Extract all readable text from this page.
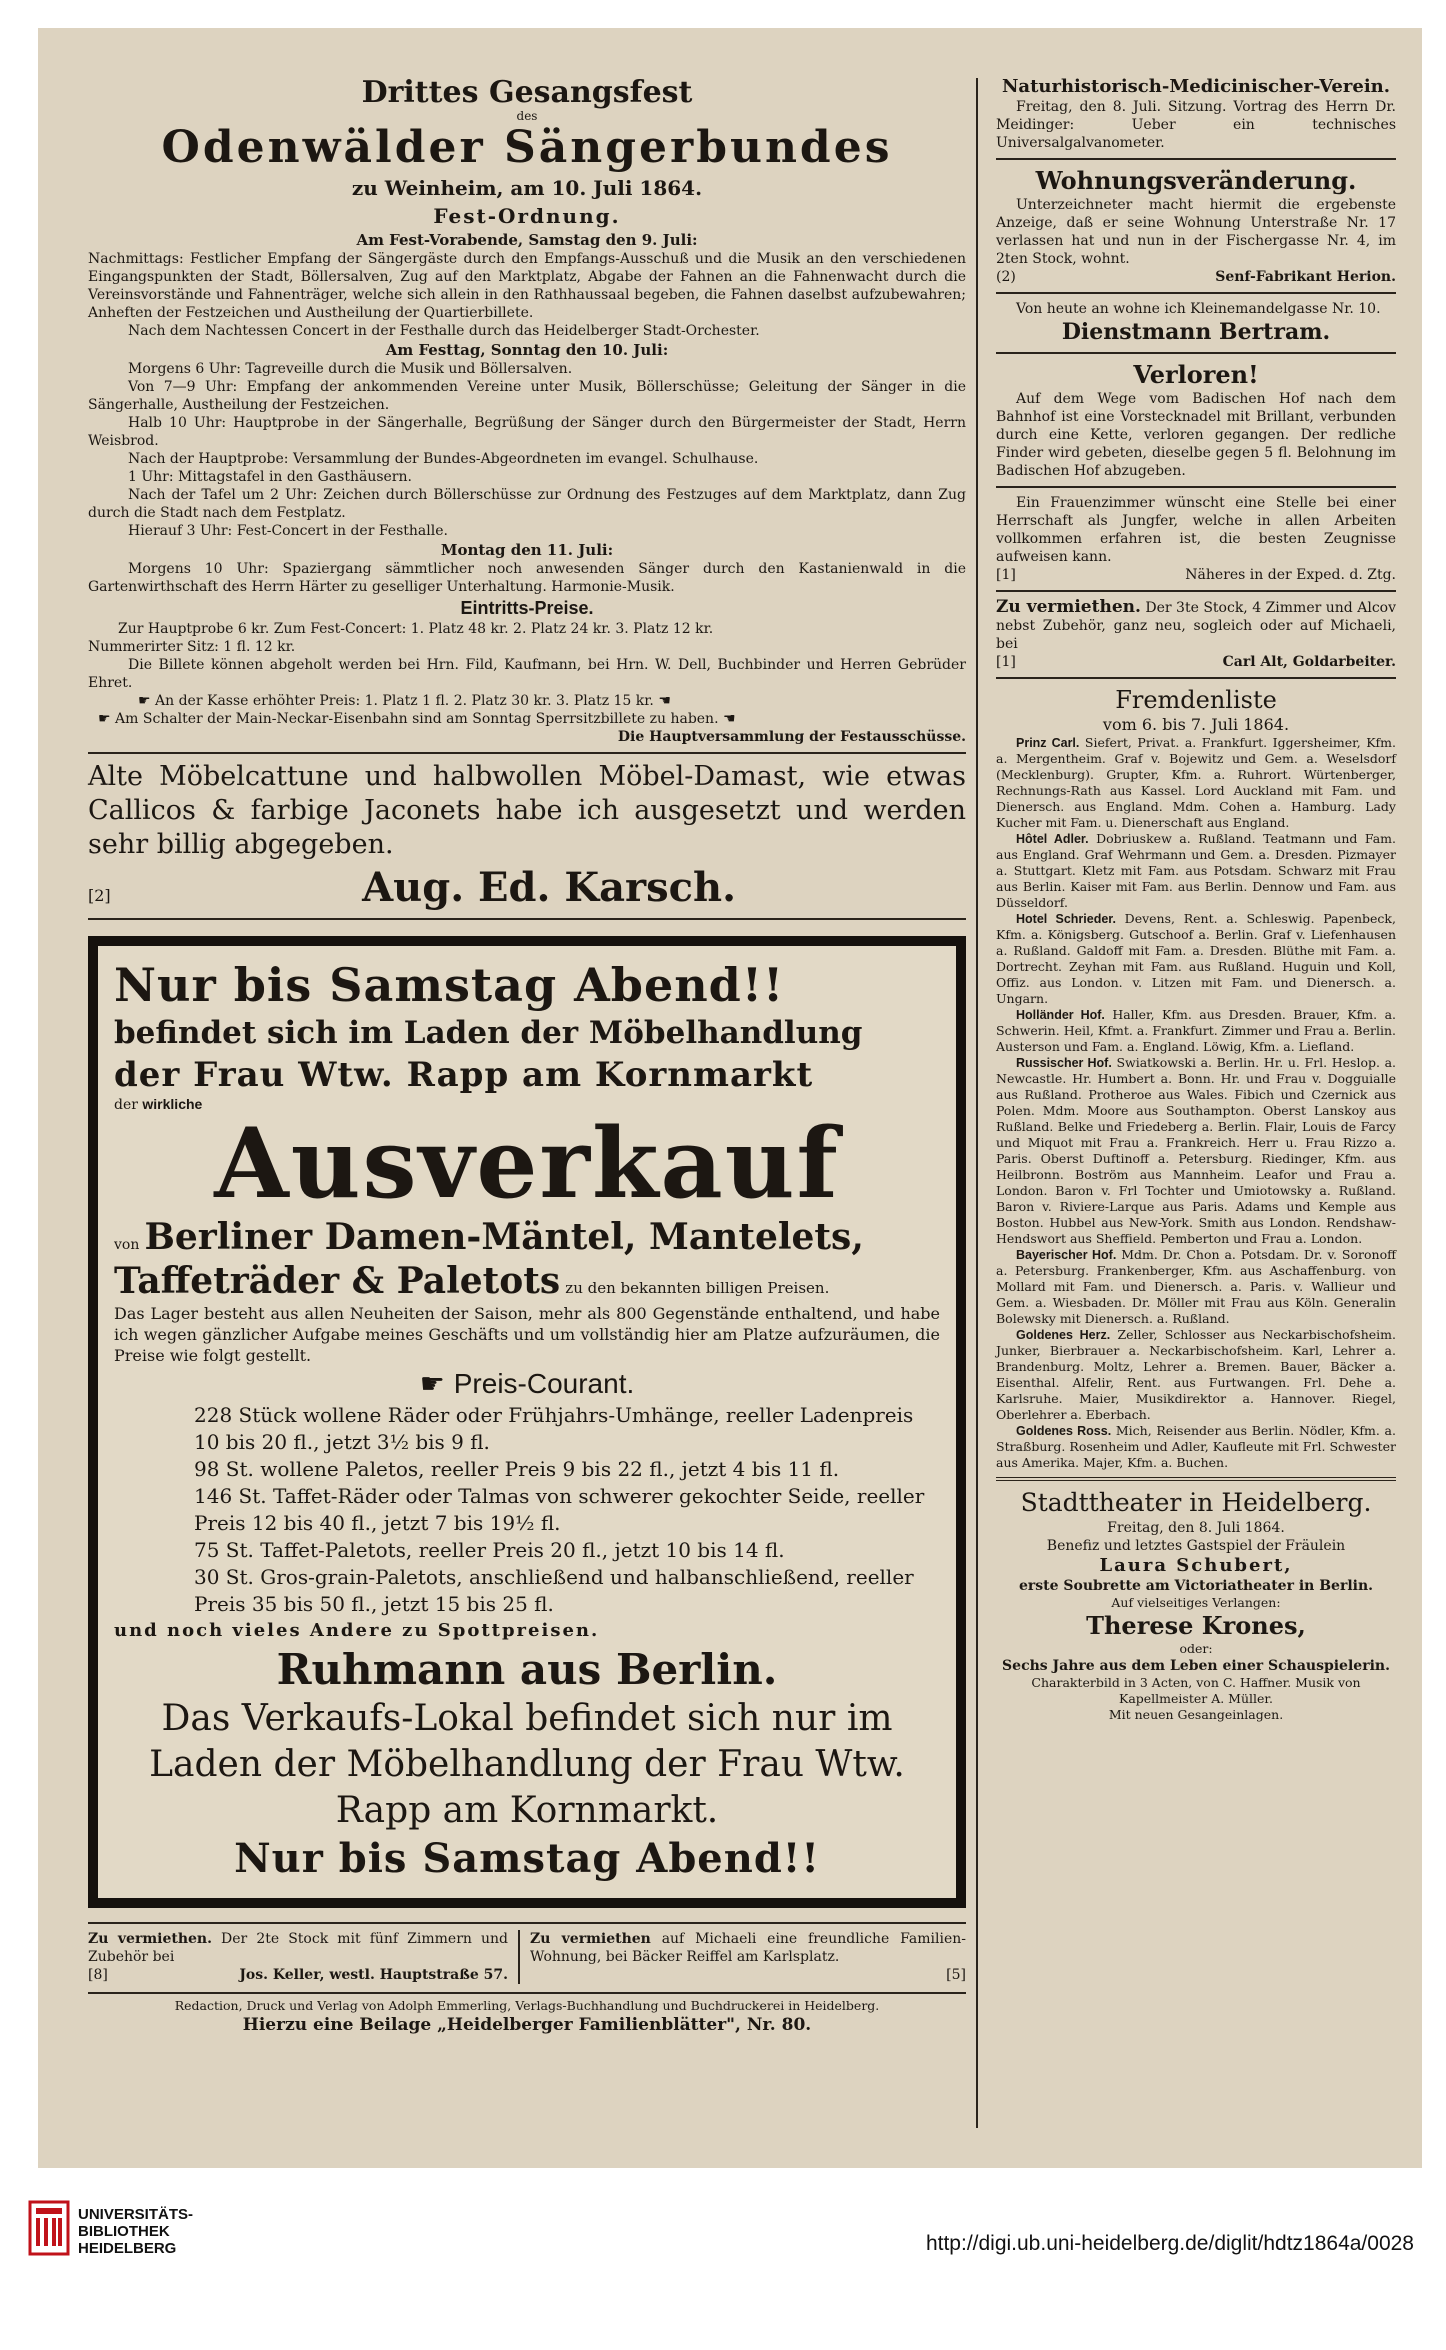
Drittes Gesangsfest
des
Odenwälder Sängerbundes
zu Weinheim, am 10. Juli 1864.
Fest-Ordnung.
Am Fest-Vorabende, Samstag den 9. Juli:

Nachmittags: Festlicher Empfang der Sängergäste durch den Empfangs-Ausschuß und die Musik an den verschiedenen Eingangspunkten der Stadt, Böllersalven, Zug auf den Marktplatz, Abgabe der Fahnen an die Fahnenwacht durch die Vereinsvorstände und Fahnenträger, welche sich allein in den Rathhaussaal begeben, die Fahnen daselbst aufzubewahren; Anheften der Festzeichen und Austheilung der Quartierbillete.

Nach dem Nachtessen Concert in der Festhalle durch das Heidelberger Stadt-Orchester.

Am Festtag, Sonntag den 10. Juli:

Morgens 6 Uhr: Tagreveille durch die Musik und Böllersalven.

Von 7—9 Uhr: Empfang der ankommenden Vereine unter Musik, Böllerschüsse; Geleitung der Sänger in die Sängerhalle, Austheilung der Festzeichen.

Halb 10 Uhr: Hauptprobe in der Sängerhalle, Begrüßung der Sänger durch den Bürgermeister der Stadt, Herrn Weisbrod.

Nach der Hauptprobe: Versammlung der Bundes-Abgeordneten im evangel. Schulhause.

1 Uhr: Mittagstafel in den Gasthäusern.

Nach der Tafel um 2 Uhr: Zeichen durch Böllerschüsse zur Ordnung des Festzuges auf dem Marktplatz, dann Zug durch die Stadt nach dem Festplatz.

Hierauf 3 Uhr: Fest-Concert in der Festhalle.

Montag den 11. Juli:

Morgens 10 Uhr: Spaziergang sämmtlicher noch anwesenden Sänger durch den Kastanienwald in die Gartenwirthschaft des Herrn Härter zu geselliger Unterhaltung. Harmonie-Musik.

Eintritts-Preise.

Zur Hauptprobe 6 kr. Zum Fest-Concert: 1. Platz 48 kr. 2. Platz 24 kr. 3. Platz 12 kr.

Nummerirter Sitz: 1 fl. 12 kr.

Die Billete können abgeholt werden bei Hrn. Fild, Kaufmann, bei Hrn. W. Dell, Buchbinder und Herren Gebrüder Ehret.

☛ An der Kasse erhöhter Preis: 1. Platz 1 fl. 2. Platz 30 kr. 3. Platz 15 kr. ☚
☛ Am Schalter der Main-Neckar-Eisenbahn sind am Sonntag Sperrsitzbillete zu haben. ☚
Die Hauptversammlung der Festausschüsse.

Alte Möbelcattune und halbwollen Möbel-Damast, wie etwas Callicos & farbige Jaconets habe ich ausgesetzt und werden sehr billig abgegeben.

[2]	Aug. Ed. Karsch.
Nur bis Samstag Abend!!
befindet sich im Laden der Möbelhandlung
der Frau Wtw. Rapp am Kornmarkt
der wirkliche
Ausverkauf
von Berliner Damen-Mäntel, Mantelets,
Taffeträder & Paletots zu den bekannten billigen Preisen.

Das Lager besteht aus allen Neuheiten der Saison, mehr als 800 Gegenstände enthaltend, und habe ich wegen gänzlicher Aufgabe meines Geschäfts und um vollständig hier am Platze aufzuräumen, die Preise wie folgt gestellt.

☛ Preis-Courant.

228 Stück wollene Räder oder Frühjahrs-Umhänge, reeller Ladenpreis 10 bis 20 fl., jetzt 3½ bis 9 fl.

98 St. wollene Paletos, reeller Preis 9 bis 22 fl., jetzt 4 bis 11 fl.

146 St. Taffet-Räder oder Talmas von schwerer gekochter Seide, reeller Preis 12 bis 40 fl., jetzt 7 bis 19½ fl.

75 St. Taffet-Paletots, reeller Preis 20 fl., jetzt 10 bis 14 fl.

30 St. Gros-grain-Paletots, anschließend und halbanschließend, reeller Preis 35 bis 50 fl., jetzt 15 bis 25 fl.

und noch vieles Andere zu Spottpreisen.
Ruhmann aus Berlin.
Das Verkaufs-Lokal befindet sich nur im Laden der Möbelhandlung der Frau Wtw. Rapp am Kornmarkt.
Nur bis Samstag Abend!!

Zu vermiethen. Der 2te Stock mit fünf Zimmern und Zubehör bei

[8]	Jos. Keller, westl. Hauptstraße 57.

Zu vermiethen auf Michaeli eine freundliche Familien-Wohnung, bei Bäcker Reiffel am Karlsplatz.

[5]
Redaction, Druck und Verlag von Adolph Emmerling, Verlags-Buchhandlung und Buchdruckerei in Heidelberg.
Hierzu eine Beilage „Heidelberger Familienblätter", Nr. 80.
Naturhistorisch-Medicinischer-Verein.

Freitag, den 8. Juli. Sitzung. Vortrag des Herrn Dr. Meidinger: Ueber ein technisches Universalgalvanometer.

Wohnungsveränderung.

Unterzeichneter macht hiermit die ergebenste Anzeige, daß er seine Wohnung Unterstraße Nr. 17 verlassen hat und nun in der Fischergasse Nr. 4, im 2ten Stock, wohnt.

(2)	Senf-Fabrikant Herion.

Von heute an wohne ich Kleinemandelgasse Nr. 10.

Dienstmann Bertram.
Verloren!

Auf dem Wege vom Badischen Hof nach dem Bahnhof ist eine Vorstecknadel mit Brillant, verbunden durch eine Kette, verloren gegangen. Der redliche Finder wird gebeten, dieselbe gegen 5 fl. Belohnung im Badischen Hof abzugeben.

Ein Frauenzimmer wünscht eine Stelle bei einer Herrschaft als Jungfer, welche in allen Arbeiten vollkommen erfahren ist, die besten Zeugnisse aufweisen kann.

[1]	Näheres in der Exped. d. Ztg.

Zu vermiethen. Der 3te Stock, 4 Zimmer und Alcov nebst Zubehör, ganz neu, sogleich oder auf Michaeli, bei

[1]	Carl Alt, Goldarbeiter.
Fremdenliste
vom 6. bis 7. Juli 1864.

Prinz Carl. Siefert, Privat. a. Frankfurt. Iggersheimer, Kfm. a. Mergentheim. Graf v. Bojewitz und Gem. a. Weselsdorf (Mecklenburg). Grupter, Kfm. a. Ruhrort. Würtenberger, Rechnungs-Rath aus Kassel. Lord Auckland mit Fam. und Dienersch. aus England. Mdm. Cohen a. Hamburg. Lady Kucher mit Fam. u. Dienerschaft aus England.

Hôtel Adler. Dobriuskew a. Rußland. Teatmann und Fam. aus England. Graf Wehrmann und Gem. a. Dresden. Pizmayer a. Stuttgart. Kletz mit Fam. aus Potsdam. Schwarz mit Frau aus Berlin. Kaiser mit Fam. aus Berlin. Dennow und Fam. aus Düsseldorf.

Hotel Schrieder. Devens, Rent. a. Schleswig. Papenbeck, Kfm. a. Königsberg. Gutschoof a. Berlin. Graf v. Liefenhausen a. Rußland. Galdoff mit Fam. a. Dresden. Blüthe mit Fam. a. Dortrecht. Zeyhan mit Fam. aus Rußland. Huguin und Koll, Offiz. aus London. v. Litzen mit Fam. und Dienersch. a. Ungarn.

Holländer Hof. Haller, Kfm. aus Dresden. Brauer, Kfm. a. Schwerin. Heil, Kfmt. a. Frankfurt. Zimmer und Frau a. Berlin. Austerson und Fam. a. England. Löwig, Kfm. a. Liefland.

Russischer Hof. Swiatkowski a. Berlin. Hr. u. Frl. Heslop. a. Newcastle. Hr. Humbert a. Bonn. Hr. und Frau v. Dogguialle aus Rußland. Protheroe aus Wales. Fibich und Czernick aus Polen. Mdm. Moore aus Southampton. Oberst Lanskoy aus Rußland. Belke und Friedeberg a. Berlin. Flair, Louis de Farcy und Miquot mit Frau a. Frankreich. Herr u. Frau Rizzo a. Paris. Oberst Duftinoff a. Petersburg. Riedinger, Kfm. aus Heilbronn. Boström aus Mannheim. Leafor und Frau a. London. Baron v. Frl Tochter und Umiotowsky a. Rußland. Baron v. Riviere-Larque aus Paris. Adams und Kemple aus Boston. Hubbel aus New-York. Smith aus London. Rendshaw-Hendswort aus Sheffield. Pemberton und Frau a. London.

Bayerischer Hof. Mdm. Dr. Chon a. Potsdam. Dr. v. Soronoff a. Petersburg. Frankenberger, Kfm. aus Aschaffenburg. von Mollard mit Fam. und Dienersch. a. Paris. v. Wallieur und Gem. a. Wiesbaden. Dr. Möller mit Frau aus Köln. Generalin Bolewsky mit Dienersch. a. Rußland.

Goldenes Herz. Zeller, Schlosser aus Neckarbischofsheim. Junker, Bierbrauer a. Neckarbischofsheim. Karl, Lehrer a. Brandenburg. Moltz, Lehrer a. Bremen. Bauer, Bäcker a. Eisenthal. Alfelir, Rent. aus Furtwangen. Frl. Dehe a. Karlsruhe. Maier, Musikdirektor a. Hannover. Riegel, Oberlehrer a. Eberbach.

Goldenes Ross. Mich, Reisender aus Berlin. Nödler, Kfm. a. Straßburg. Rosenheim und Adler, Kaufleute mit Frl. Schwester aus Amerika. Majer, Kfm. a. Buchen.

Stadttheater in Heidelberg.
Freitag, den 8. Juli 1864.
Benefiz und letztes Gastspiel der Fräulein
Laura Schubert,
erste Soubrette am Victoriatheater in Berlin.
Auf vielseitiges Verlangen:
Therese Krones,
oder:
Sechs Jahre aus dem Leben einer Schauspielerin.
Charakterbild in 3 Acten, von C. Haffner. Musik von Kapellmeister A. Müller.
Mit neuen Gesangeinlagen.
UNIVERSITÄTS-
BIBLIOTHEK
HEIDELBERG	http://digi.ub.uni-heidelberg.de/diglit/hdtz1864a/0028
